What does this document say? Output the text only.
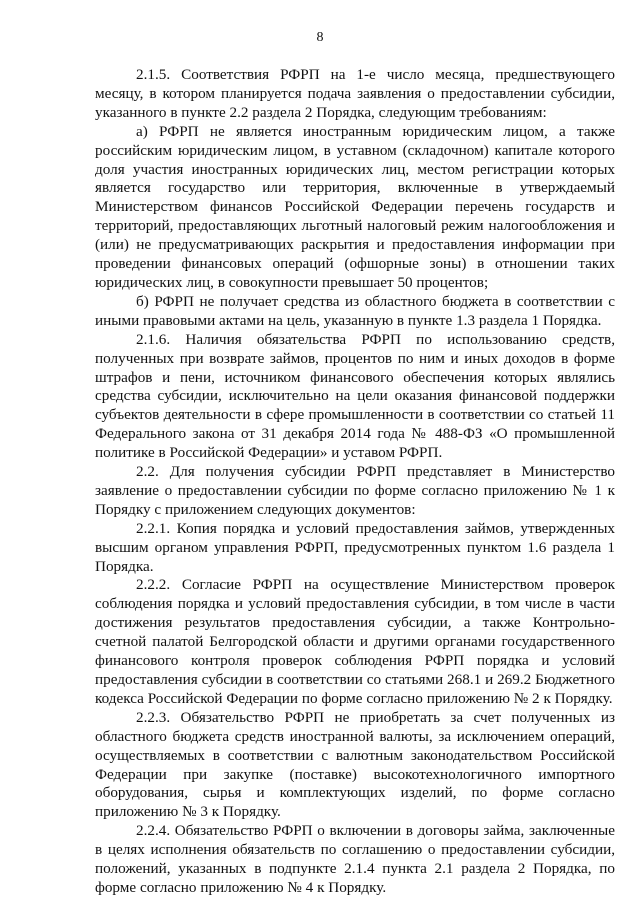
8

2.1.5. Соответствия РФРП на 1-е число месяца, предшествующего месяцу, в котором планируется подача заявления о предоставлении субсидии, указанного в пункте 2.2 раздела 2 Порядка, следующим требованиям:

а) РФРП не является иностранным юридическим лицом, а также российским юридическим лицом, в уставном (складочном) капитале которого доля участия иностранных юридических лиц, местом регистрации которых является государство или территория, включенные в утверждаемый Министерством финансов Российской Федерации перечень государств и территорий, предоставляющих льготный налоговый режим налогообложения и (или) не предусматривающих раскрытия и предоставления информации при проведении финансовых операций (офшорные зоны) в отношении таких юридических лиц, в совокупности превышает 50 процентов;

б) РФРП не получает средства из областного бюджета в соответствии с иными правовыми актами на цель, указанную в пункте 1.3 раздела 1 Порядка.

2.1.6. Наличия обязательства РФРП по использованию средств, полученных при возврате займов, процентов по ним и иных доходов в форме штрафов и пени, источником финансового обеспечения которых являлись средства субсидии, исключительно на цели оказания финансовой поддержки субъектов деятельности в сфере промышленности в соответствии со статьей 11 Федерального закона от 31 декабря 2014 года № 488-ФЗ «О промышленной политике в Российской Федерации» и уставом РФРП.

2.2. Для получения субсидии РФРП представляет в Министерство заявление о предоставлении субсидии по форме согласно приложению № 1 к Порядку с приложением следующих документов:

2.2.1. Копия порядка и условий предоставления займов, утвержденных высшим органом управления РФРП, предусмотренных пунктом 1.6 раздела 1 Порядка.

2.2.2. Согласие РФРП на осуществление Министерством проверок соблюдения порядка и условий предоставления субсидии, в том числе в части достижения результатов предоставления субсидии, а также Контрольно-счетной палатой Белгородской области и другими органами государственного финансового контроля проверок соблюдения РФРП порядка и условий предоставления субсидии в соответствии со статьями 268.1 и 269.2 Бюджетного кодекса Российской Федерации по форме согласно приложению № 2 к Порядку.

2.2.3. Обязательство РФРП не приобретать за счет полученных из областного бюджета средств иностранной валюты, за исключением операций, осуществляемых в соответствии с валютным законодательством Российской Федерации при закупке (поставке) высокотехнологичного импортного оборудования, сырья и комплектующих изделий, по форме согласно приложению № 3 к Порядку.

2.2.4. Обязательство РФРП о включении в договоры займа, заключенные в целях исполнения обязательств по соглашению о предоставлении субсидии, положений, указанных в подпункте 2.1.4 пункта 2.1 раздела 2 Порядка, по форме согласно приложению № 4 к Порядку.
